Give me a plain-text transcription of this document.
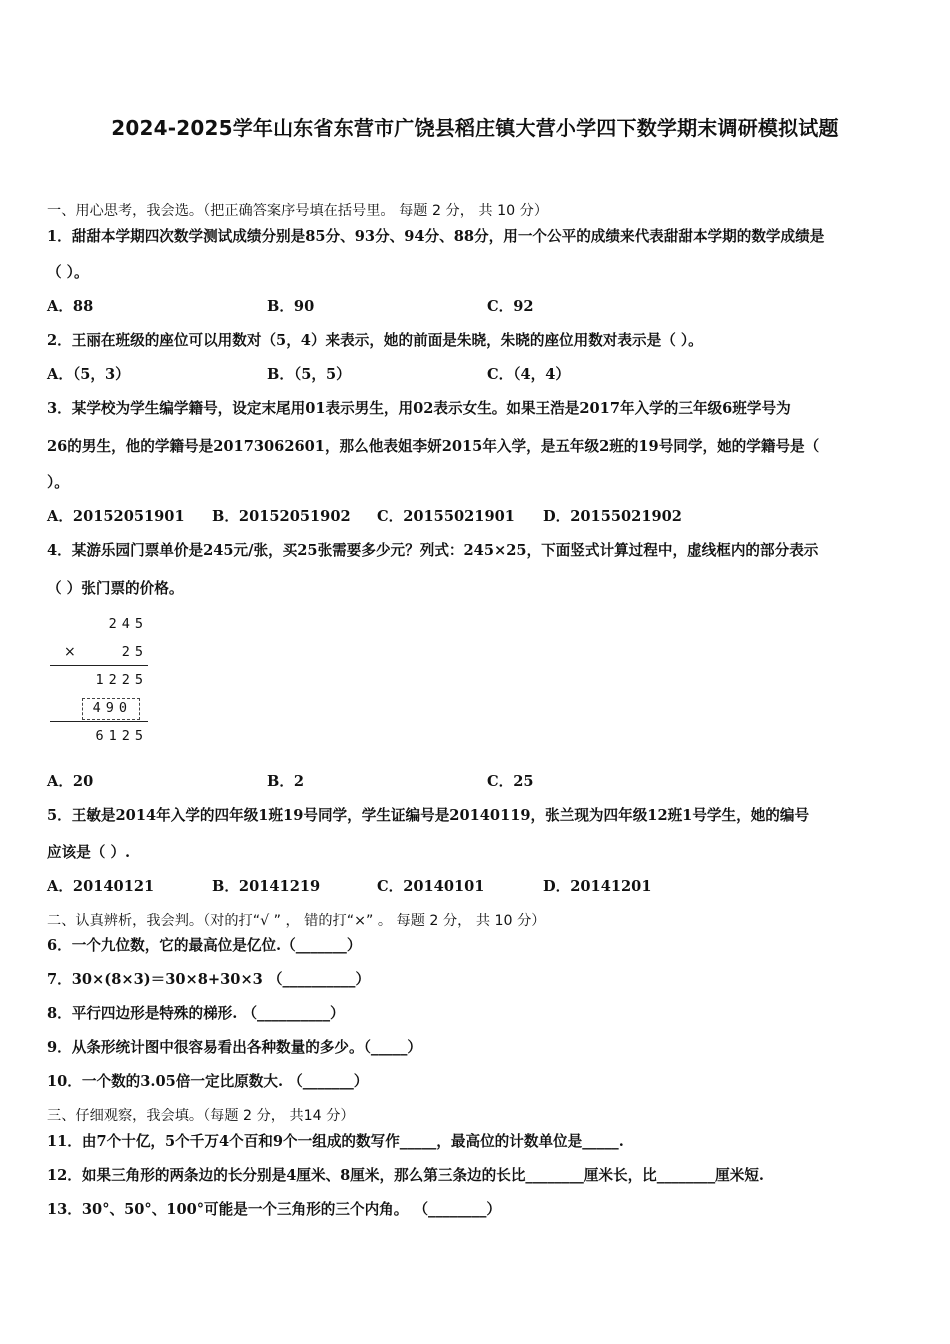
2024-2025学年山东省东营市广饶县稻庄镇大营小学四下数学期末调研模拟试题
一、用心思考，我会选。（把正确答案序号填在括号里。 每题 2 分， 共 10 分）
1．甜甜本学期四次数学测试成绩分别是85分、93分、94分、88分，用一个公平的成绩来代表甜甜本学期的数学成绩是
（ ）。
A．88	B．90	C．92
2．王丽在班级的座位可以用数对（5，4）来表示，她的前面是朱晓，朱晓的座位用数对表示是（ ）。
A．（5，3）	B．（5，5）	C．（4，4）
3．某学校为学生编学籍号，设定末尾用01表示男生，用02表示女生。如果王浩是2017年入学的三年级6班学号为
26的男生，他的学籍号是20173062601，那么他表姐李妍2015年入学，是五年级2班的19号同学，她的学籍号是（
）。
A．20152051901 B．20152051902 C．20155021901 D．20155021902
4．某游乐园门票单价是245元/张，买25张需要多少元？列式：245×25，下面竖式计算过程中，虚线框内的部分表示
（ ）张门票的价格。
245
×	25
1225
490
6125
A．20	B．2	C．25
5．王敏是2014年入学的四年级1班19号同学，学生证编号是20140119，张兰现为四年级12班1号学生，她的编号
应该是（ ）.
A．20140121	B．20141219	C．20140101	D．20141201
二、认真辨析，我会判。（对的打“√ ” ， 错的打“×” 。 每题 2 分， 共 10 分）
6．一个九位数，它的最高位是亿位.（_______）
7．30×(8×3)＝30×8+30×3 （__________）
8．平行四边形是特殊的梯形. （__________）
9．从条形统计图中很容易看出各种数量的多少。（_____）
10．一个数的3.05倍一定比原数大. （_______）
三、仔细观察，我会填。（每题 2 分， 共14 分）
11．由7个十亿，5个千万4个百和9个一组成的数写作_____，最高位的计数单位是_____.
12．如果三角形的两条边的长分别是4厘米、8厘米，那么第三条边的长比________厘米长，比________厘米短.
13．30°、50°、100°可能是一个三角形的三个内角。 （________）
